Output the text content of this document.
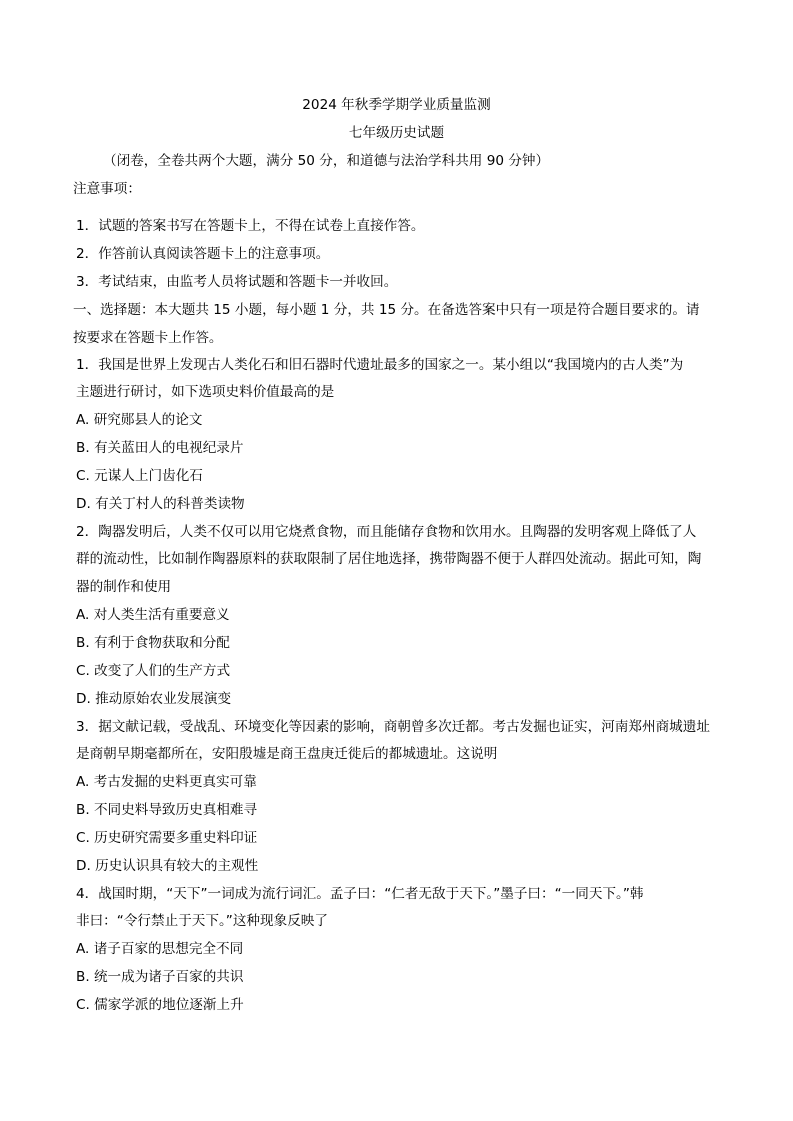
2024 年秋季学期学业质量监测
七年级历史试题
（闭卷，全卷共两个大题，满分 50 分，和道德与法治学科共用 90 分钟）
注意事项：
1．试题的答案书写在答题卡上，不得在试卷上直接作答。
2．作答前认真阅读答题卡上的注意事项。
3．考试结束，由监考人员将试题和答题卡一并收回。
一、选择题：本大题共 15 小题，每小题 1 分，共 15 分。在备选答案中只有一项是符合题目要求的。请
按要求在答题卡上作答。
1．我国是世界上发现古人类化石和旧石器时代遗址最多的国家之一。某小组以“我国境内的古人类”为
主题进行研讨，如下选项史料价值最高的是
A. 研究郧县人的论文
B. 有关蓝田人的电视纪录片
C. 元谋人上门齿化石
D. 有关丁村人的科普类读物
2．陶器发明后，人类不仅可以用它烧煮食物，而且能储存食物和饮用水。且陶器的发明客观上降低了人
群的流动性，比如制作陶器原料的获取限制了居住地选择，携带陶器不便于人群四处流动。据此可知，陶
器的制作和使用
A. 对人类生活有重要意义
B. 有利于食物获取和分配
C. 改变了人们的生产方式
D. 推动原始农业发展演变
3．据文献记载，受战乱、环境变化等因素的影响，商朝曾多次迁都。考古发掘也证实，河南郑州商城遗址
是商朝早期毫都所在，安阳殷墟是商王盘庚迁徙后的都城遗址。这说明
A. 考古发掘的史料更真实可靠
B. 不同史料导致历史真相难寻
C. 历史研究需要多重史料印证
D. 历史认识具有较大的主观性
4．战国时期，“天下”一词成为流行词汇。孟子曰：“仁者无敌于天下。”墨子曰：“一同天下。”韩
非曰：“令行禁止于天下。”这种现象反映了
A. 诸子百家的思想完全不同
B. 统一成为诸子百家的共识
C. 儒家学派的地位逐渐上升
